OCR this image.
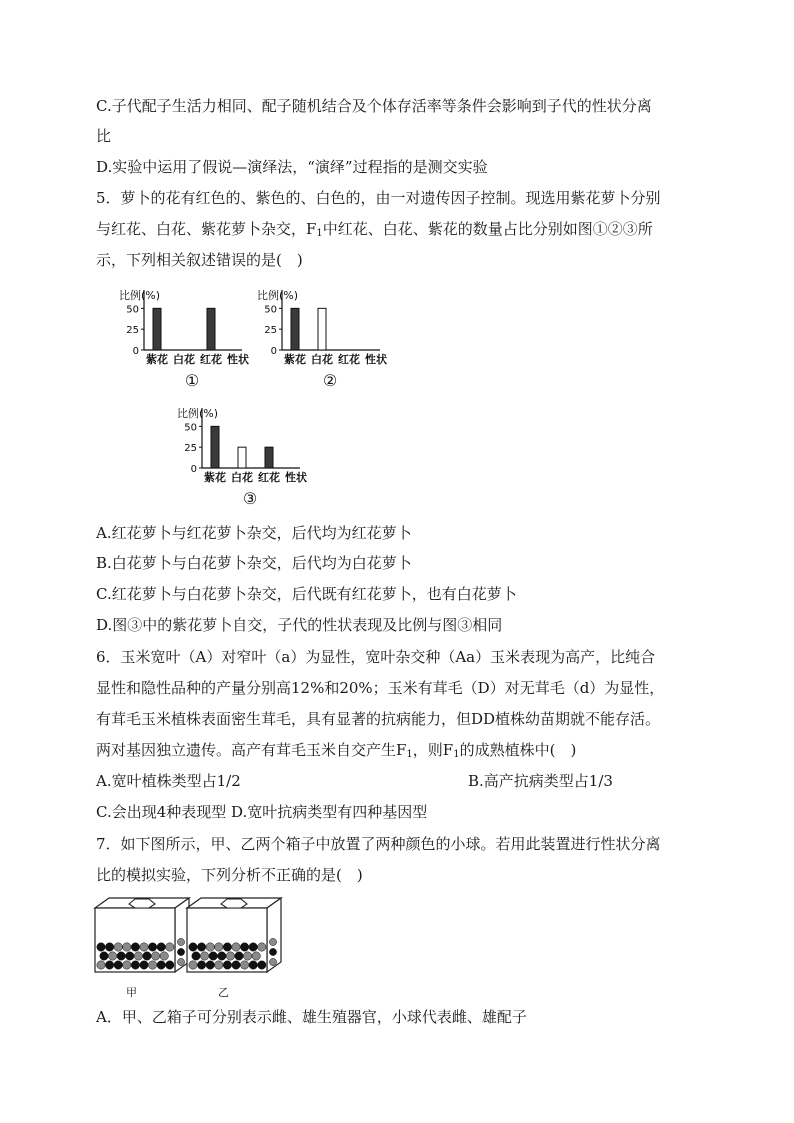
C.子代配子生活力相同、配子随机结合及个体存活率等条件会影响到子代的性状分离
比
D.实验中运用了假说—演绎法，“演绎”过程指的是测交实验
5．萝卜的花有红色的、紫色的、白色的，由一对遗传因子控制。现选用紫花萝卜分别
与红花、白花、紫花萝卜杂交，$F_1$中红花、白花、紫花的数量占比分别如图①②③所
示，下列相关叙述错误的是(　)
比例(%)
0
25
50
紫花 白花 红花 性状
①
比例(%)
0
25
50
紫花 白花 红花 性状
②
比例(%)
0
25
50
紫花 白花 红花 性状
③
A.红花萝卜与红花萝卜杂交，后代均为红花萝卜
B.白花萝卜与白花萝卜杂交，后代均为白花萝卜
C.红花萝卜与白花萝卜杂交，后代既有红花萝卜，也有白花萝卜
D.图③中的紫花萝卜自交，子代的性状表现及比例与图③相同
6．玉米宽叶（A）对窄叶（a）为显性，宽叶杂交种（Aa）玉米表现为高产，比纯合
显性和隐性品种的产量分别高12%和20%；玉米有茸毛（D）对无茸毛（d）为显性，
有茸毛玉米植株表面密生茸毛，具有显著的抗病能力，但DD植株幼苗期就不能存活。
两对基因独立遗传。高产有茸毛玉米自交产生$F_1$，则$F_1$的成熟植株中(　)
A.宽叶植株类型占1/2	B.高产抗病类型占1/3
C.会出现4种表现型 D.宽叶抗病类型有四种基因型
7．如下图所示，甲、乙两个箱子中放置了两种颜色的小球。若用此装置进行性状分离
比的模拟实验，下列分析不正确的是(　)
甲	乙
A．甲、乙箱子可分别表示雌、雄生殖器官，小球代表雌、雄配子
